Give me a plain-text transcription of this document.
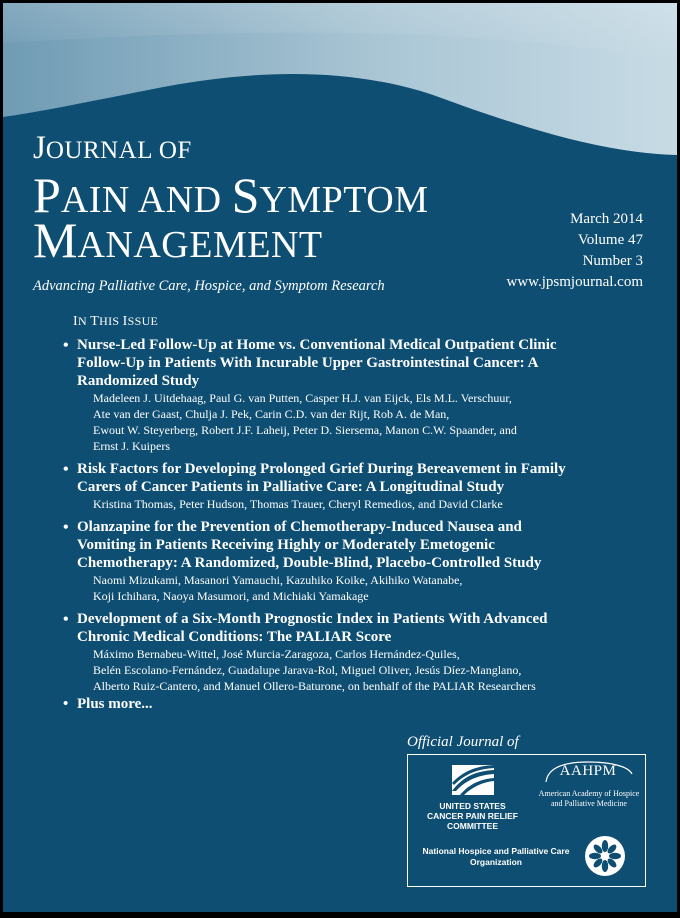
JOURNAL OF
PAIN AND SYMPTOM
MANAGEMENT
Advancing Palliative Care, Hospice, and Symptom Research
March 2014
Volume 47
Number 3
www.jpsmjournal.com
IN THIS ISSUE
• Nurse-Led Follow-Up at Home vs. Conventional Medical Outpatient Clinic
Follow-Up in Patients With Incurable Upper Gastrointestinal Cancer: A
Randomized Study
Madeleen J. Uitdehaag, Paul G. van Putten, Casper H.J. van Eijck, Els M.L. Verschuur,
Ate van der Gaast, Chulja J. Pek, Carin C.D. van der Rijt, Rob A. de Man,
Ewout W. Steyerberg, Robert J.F. Laheij, Peter D. Siersema, Manon C.W. Spaander, and
Ernst J. Kuipers
• Risk Factors for Developing Prolonged Grief During Bereavement in Family
Carers of Cancer Patients in Palliative Care: A Longitudinal Study
Kristina Thomas, Peter Hudson, Thomas Trauer, Cheryl Remedios, and David Clarke
• Olanzapine for the Prevention of Chemotherapy-Induced Nausea and
Vomiting in Patients Receiving Highly or Moderately Emetogenic
Chemotherapy: A Randomized, Double-Blind, Placebo-Controlled Study
Naomi Mizukami, Masanori Yamauchi, Kazuhiko Koike, Akihiko Watanabe,
Koji Ichihara, Naoya Masumori, and Michiaki Yamakage
• Development of a Six-Month Prognostic Index in Patients With Advanced
Chronic Medical Conditions: The PALIAR Score
Máximo Bernabeu-Wittel, José Murcia-Zaragoza, Carlos Hernández-Quiles,
Belén Escolano-Fernández, Guadalupe Jarava-Rol, Miguel Oliver, Jesús Díez-Manglano,
Alberto Ruiz-Cantero, and Manuel Ollero-Baturone, on benhalf of the PALIAR Researchers
• Plus more...
Official Journal of
UNITED STATES
CANCER PAIN RELIEF
COMMITTEE
AAHPM
American Academy of Hospice and Palliative Medicine
National Hospice and Palliative Care Organization
